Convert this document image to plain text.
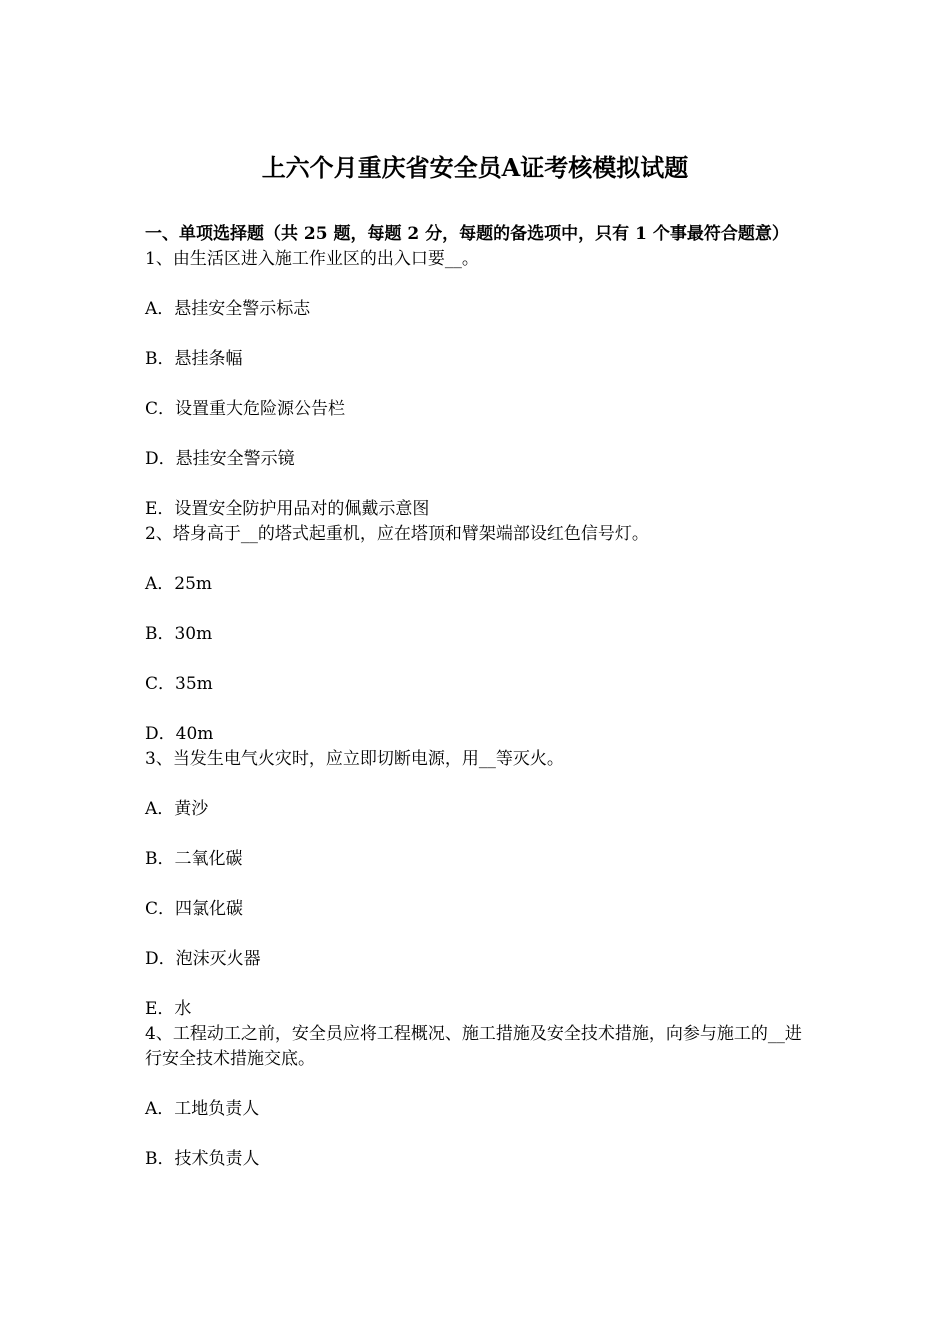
上六个月重庆省安全员A证考核模拟试题

一、单项选择题（共 25 题，每题 2 分，每题的备选项中，只有 1 个事最符合题意）

1、由生活区进入施工作业区的出入口要__。

A．悬挂安全警示标志

B．悬挂条幅

C．设置重大危险源公告栏

D．悬挂安全警示镜

E．设置安全防护用品对的佩戴示意图

2、塔身高于__的塔式起重机，应在塔顶和臂架端部设红色信号灯。

A．25m

B．30m

C．35m

D．40m

3、当发生电气火灾时，应立即切断电源，用__等灭火。

A．黄沙

B．二氧化碳

C．四氯化碳

D．泡沫灭火器

E．水

4、工程动工之前，安全员应将工程概况、施工措施及安全技术措施，向参与施工的__进行安全技术措施交底。

A．工地负责人

B．技术负责人
